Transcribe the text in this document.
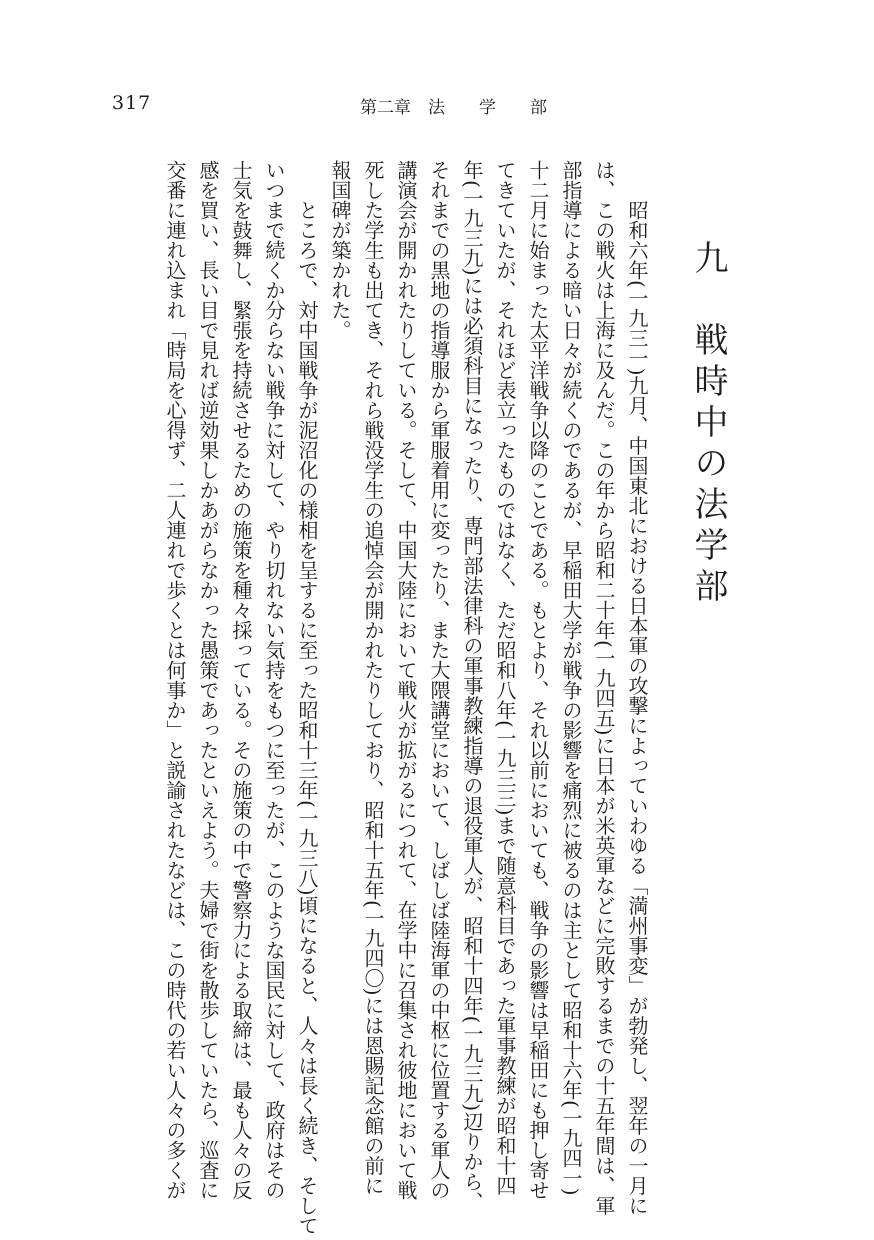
317	第二章　法　　学　　部
九　戦時中の法学部
　昭和六年(一九三一)九月、中国東北における日本軍の攻撃によっていわゆる「満州事変」が勃発し、翌年の一月に
は、この戦火は上海に及んだ。この年から昭和二十年(一九四五)に日本が米英軍などに完敗するまでの十五年間は、軍
部指導による暗い日々が続くのであるが、早稲田大学が戦争の影響を痛烈に被るのは主として昭和十六年(一九四一)
十二月に始まった太平洋戦争以降のことである。もとより、それ以前においても、戦争の影響は早稲田にも押し寄せ
てきていたが、それほど表立ったものではなく、ただ昭和八年(一九三三)まで随意科目であった軍事教練が昭和十四
年(一九三九)には必須科目になったり、専門部法律科の軍事教練指導の退役軍人が、昭和十四年(一九三九)辺りから、
それまでの黒地の指導服から軍服着用に変ったり、また大隈講堂において、しばしば陸海軍の中枢に位置する軍人の
講演会が開かれたりしている。そして、中国大陸において戦火が拡がるにつれて、在学中に召集され彼地において戦
死した学生も出てき、それら戦没学生の追悼会が開かれたりしており、昭和十五年(一九四〇)には恩賜記念館の前に
報国碑が築かれた。
　ところで、対中国戦争が泥沼化の様相を呈するに至った昭和十三年(一九三八)頃になると、人々は長く続き、そして
いつまで続くか分らない戦争に対して、やり切れない気持をもつに至ったが、このような国民に対して、政府はその
士気を鼓舞し、緊張を持続させるための施策を種々採っている。その施策の中で警察力による取締は、最も人々の反
感を買い、長い目で見れば逆効果しかあがらなかった愚策であったといえよう。夫婦で街を散歩していたら、巡査に
交番に連れ込まれ「時局を心得ず、二人連れで歩くとは何事か」と説諭されたなどは、この時代の若い人々の多くが
